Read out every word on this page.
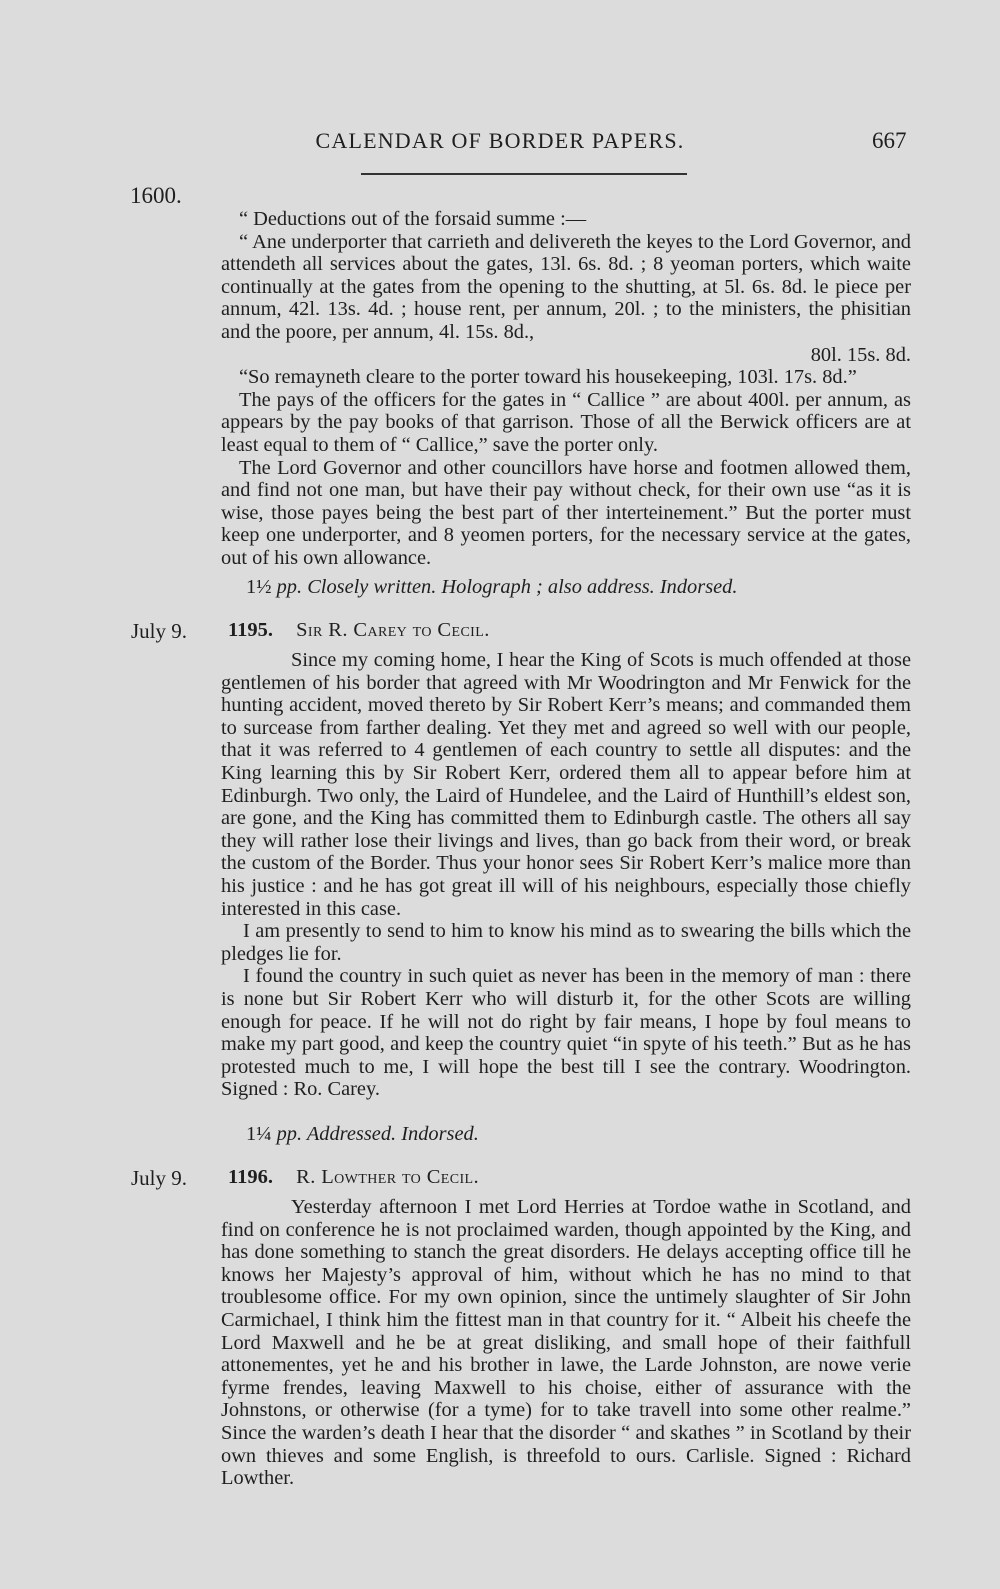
CALENDAR OF BORDER PAPERS.	667
1600.

“ Deductions out of the forsaid summe :—

“ Ane underporter that carrieth and delivereth the keyes to the Lord Governor, and attendeth all services about the gates, 13l. 6s. 8d. ; 8 yeoman porters, which waite continually at the gates from the opening to the shutting, at 5l. 6s. 8d. le piece per annum, 42l. 13s. 4d. ; house rent, per annum, 20l. ; to the ministers, the phisitian and the poore, per annum, 4l. 15s. 8d.,

80l. 15s. 8d.

“So remayneth cleare to the porter toward his housekeeping, 103l. 17s. 8d.”

The pays of the officers for the gates in “ Callice ” are about 400l. per annum, as appears by the pay books of that garrison. Those of all the Berwick officers are at least equal to them of “ Callice,” save the porter only.

The Lord Governor and other councillors have horse and footmen allowed them, and find not one man, but have their pay without check, for their own use “as it is wise, those payes being the best part of ther interteinement.” But the porter must keep one underporter, and 8 yeomen porters, for the necessary service at the gates, out of his own allowance.

1½ pp. Closely written. Holograph ; also address. Indorsed.
July 9. 1195. Sir R. Carey to Cecil.

Since my coming home, I hear the King of Scots is much offended at those gentlemen of his border that agreed with Mr Woodrington and Mr Fenwick for the hunting accident, moved thereto by Sir Robert Kerr’s means; and commanded them to surcease from farther dealing. Yet they met and agreed so well with our people, that it was referred to 4 gentlemen of each country to settle all disputes: and the King learning this by Sir Robert Kerr, ordered them all to appear before him at Edinburgh. Two only, the Laird of Hundelee, and the Laird of Hunthill’s eldest son, are gone, and the King has committed them to Edinburgh castle. The others all say they will rather lose their livings and lives, than go back from their word, or break the custom of the Border. Thus your honor sees Sir Robert Kerr’s malice more than his justice : and he has got great ill will of his neighbours, especially those chiefly interested in this case.

I am presently to send to him to know his mind as to swearing the bills which the pledges lie for.

I found the country in such quiet as never has been in the memory of man : there is none but Sir Robert Kerr who will disturb it, for the other Scots are willing enough for peace. If he will not do right by fair means, I hope by foul means to make my part good, and keep the country quiet “in spyte of his teeth.” But as he has protested much to me, I will hope the best till I see the contrary. Woodrington. Signed : Ro. Carey.

1¼ pp. Addressed. Indorsed.
July 9. 1196. R. Lowther to Cecil.

Yesterday afternoon I met Lord Herries at Tordoe wathe in Scotland, and find on conference he is not proclaimed warden, though appointed by the King, and has done something to stanch the great disorders. He delays accepting office till he knows her Majesty’s approval of him, without which he has no mind to that troublesome office. For my own opinion, since the untimely slaughter of Sir John Carmichael, I think him the fittest man in that country for it. “ Albeit his cheefe the Lord Maxwell and he be at great disliking, and small hope of their faithfull attonementes, yet he and his brother in lawe, the Larde Johnston, are nowe verie fyrme frendes, leaving Maxwell to his choise, either of assurance with the Johnstons, or otherwise (for a tyme) for to take travell into some other realme.” Since the warden’s death I hear that the disorder “ and skathes ” in Scotland by their own thieves and some English, is threefold to ours. Carlisle. Signed : Richard Lowther.
